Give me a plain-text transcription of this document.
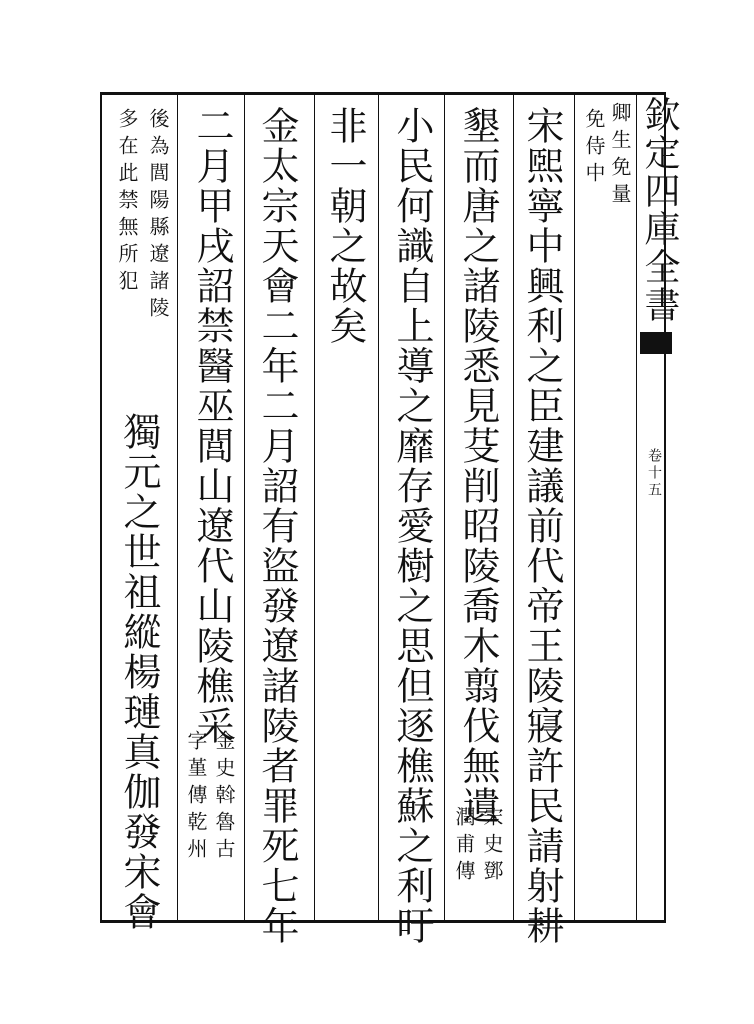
欽定四庫全書
卷十五
卿生免量
免侍中
宋煕寧中興利之臣建議前代帝王陵寢許民請射耕
墾而唐之諸陵悉見芟削昭陵喬木翦伐無遺
宋史鄧
潤甫傳
小民何識自上導之靡存愛樹之思但逐樵蘇之利吁
非一朝之故矣
金太宗天會二年二月詔有盜發遼諸陵者罪死七年
二月甲戌詔禁醫巫閭山遼代山陵樵采
金史斡魯古
字堇傳乾州
後為閭陽縣遼諸陵
多在此禁無所犯
獨元之世祖縱楊璉真伽發宋會
